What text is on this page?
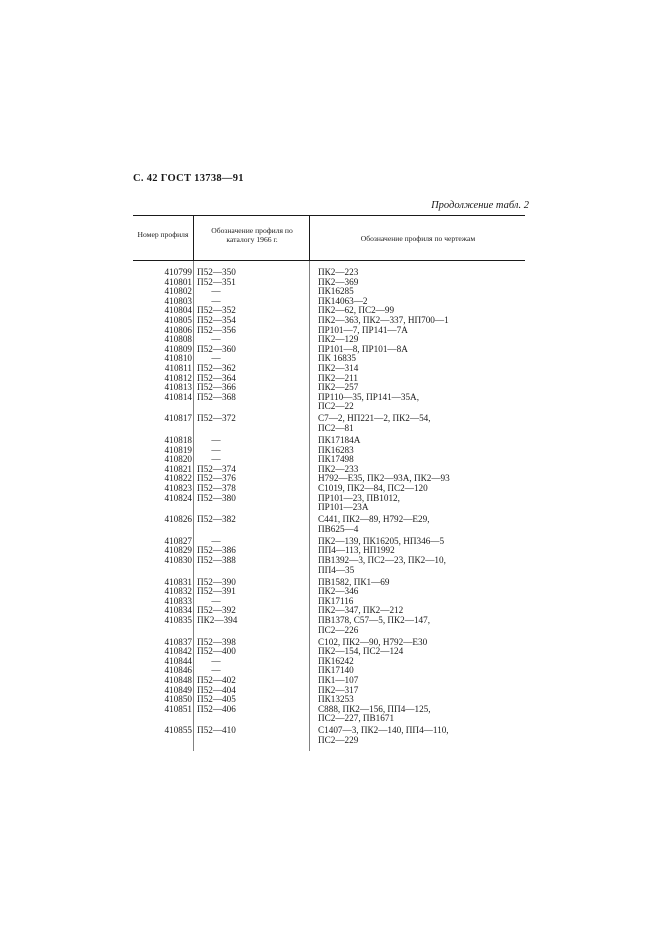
С. 42 ГОСТ 13738—91
Продолжение табл. 2
Номер профиля	Обозначение профиля по каталогу 1966 г.	Обозначение профиля по чертежам
410799 П52—350	ПК2—223
410801 П52—351	ПК2—369
410802	—	ПК16285
410803	—	ПК14063—2
410804 П52—352	ПК2—62, ПС2—99
410805 П52—354	ПК2—363, ПК2—337, НП700—1
410806 П52—356	ПР101—7, ПР141—7А
410808	—	ПК2—129
410809 П52—360	ПР101—8, ПР101—8А
410810	—	ПК 16835
410811 П52—362	ПК2—314
410812 П52—364	ПК2—211
410813 П52—366	ПК2—257
410814 П52—368	ПР110—35, ПР141—35А,
ПС2—22
410817 П52—372	С7—2, НП221—2, ПК2—54,
ПС2—81
410818	—	ПК17184А
410819	—	ПК16283
410820	—	ПК17498
410821 П52—374	ПК2—233
410822 П52—376	Н792—Е35, ПК2—93А, ПК2—93
410823 П52—378	С1019, ПК2—84, ПС2—120
410824 П52—380	ПР101—23, ПВ1012,
ПР101—23А
410826 П52—382	С441, ПК2—89, Н792—Е29,
ПВ625—4
410827	—	ПК2—139, ПК16205, НП346—5
410829 П52—386	ПП4—113, НП1992
410830 П52—388	ПВ1392—3, ПС2—23, ПК2—10,
ПП4—35
410831 П52—390	ПВ1582, ПК1—69
410832 П52—391	ПК2—346
410833	—	ПК17116
410834 П52—392	ПК2—347, ПК2—212
410835 ПК2—394	ПВ1378, С57—5, ПК2—147,
ПС2—226
410837 П52—398	С102, ПК2—90, Н792—Е30
410842 П52—400	ПК2—154, ПС2—124
410844	—	ПК16242
410846	—	ПК17140
410848 П52—402	ПК1—107
410849 П52—404	ПК2—317
410850 П52—405	ПК13253
410851 П52—406	С888, ПК2—156, ПП4—125,
ПС2—227, ПВ1671
410855 П52—410	С1407—3, ПК2—140, ПП4—110,
ПС2—229
